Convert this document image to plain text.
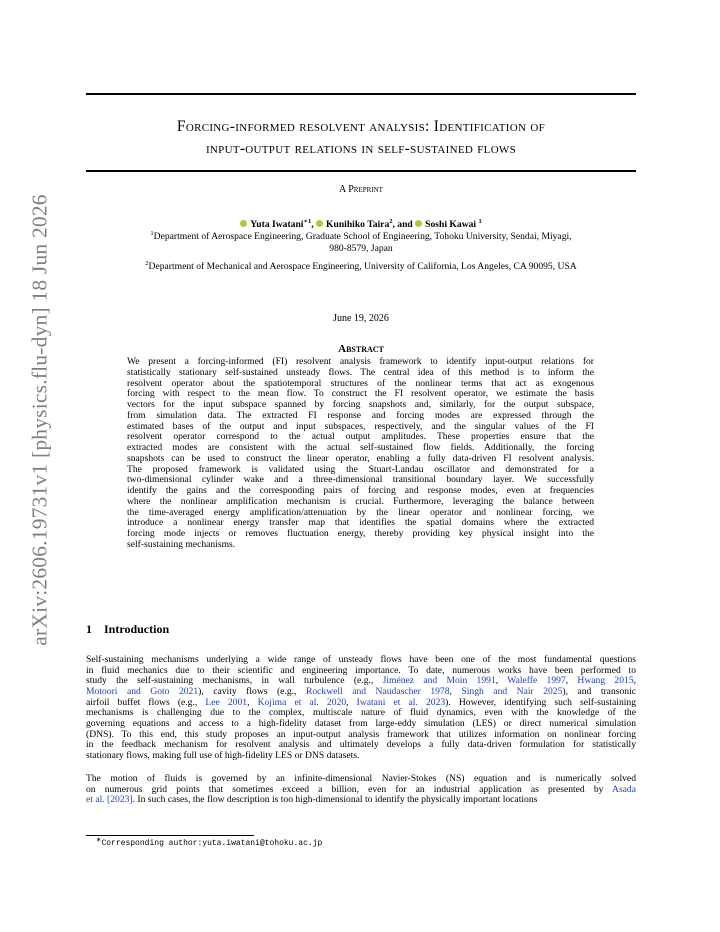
arXiv:2606.19731v1 [physics.flu-dyn] 18 Jun 2026
Forcing-informed resolvent analysis: Identification of
input-output relations in self-sustained flows
A Preprint
Yuta Iwatani$^{∗1}$, Kunihiko Taira$^2$, and Soshi Kawai $^1$
$^1$Department of Aerospace Engineering, Graduate School of Engineering, Tohoku University, Sendai, Miyagi,
980-8579, Japan
$^2$Department of Mechanical and Aerospace Engineering, University of California, Los Angeles, CA 90095, USA
June 19, 2026
Abstract
We present a forcing-informed (FI) resolvent analysis framework to identify input-output relations for
statistically stationary self-sustained unsteady flows. The central idea of this method is to inform the
resolvent operator about the spatiotemporal structures of the nonlinear terms that act as exogenous
forcing with respect to the mean flow. To construct the FI resolvent operator, we estimate the basis
vectors for the input subspace spanned by forcing snapshots and, similarly, for the output subspace,
from simulation data. The extracted FI response and forcing modes are expressed through the
estimated bases of the output and input subspaces, respectively, and the singular values of the FI
resolvent operator correspond to the actual output amplitudes. These properties ensure that the
extracted modes are consistent with the actual self-sustained flow fields. Additionally, the forcing
snapshots can be used to construct the linear operator, enabling a fully data-driven FI resolvent analysis.
The proposed framework is validated using the Stuart-Landau oscillator and demonstrated for a
two-dimensional cylinder wake and a three-dimensional transitional boundary layer. We successfully
identify the gains and the corresponding pairs of forcing and response modes, even at frequencies
where the nonlinear amplification mechanism is crucial. Furthermore, leveraging the balance between
the time-averaged energy amplification/attenuation by the linear operator and nonlinear forcing, we
introduce a nonlinear energy transfer map that identifies the spatial domains where the extracted
forcing mode injects or removes fluctuation energy, thereby providing key physical insight into the
self-sustaining mechanisms.
1 Introduction
Self-sustaining mechanisms underlying a wide range of unsteady flows have been one of the most fundamental questions
in fluid mechanics due to their scientific and engineering importance. To date, numerous works have been performed to
study the self-sustaining mechanisms, in wall turbulence (e.g., Jiménez and Moin 1991, Waleffe 1997, Hwang 2015,
Motoori and Goto 2021), cavity flows (e.g., Rockwell and Naudascher 1978, Singh and Nair 2025), and transonic
airfoil buffet flows (e.g., Lee 2001, Kojima et al. 2020, Iwatani et al. 2023). However, identifying such self-sustaining
mechanisms is challenging due to the complex, multiscale nature of fluid dynamics, even with the knowledge of the
governing equations and access to a high-fidelity dataset from large-eddy simulation (LES) or direct numerical simulation
(DNS). To this end, this study proposes an input-output analysis framework that utilizes information on nonlinear forcing
in the feedback mechanism for resolvent analysis and ultimately develops a fully data-driven formulation for statistically
stationary flows, making full use of high-fidelity LES or DNS datasets.
The motion of fluids is governed by an infinite-dimensional Navier-Stokes (NS) equation and is numerically solved
on numerous grid points that sometimes exceed a billion, even for an industrial application as presented by Asada
et al. [2023]. In such cases, the flow description is too high-dimensional to identify the physically important locations
∗Corresponding author:yuta.iwatani@tohoku.ac.jp
